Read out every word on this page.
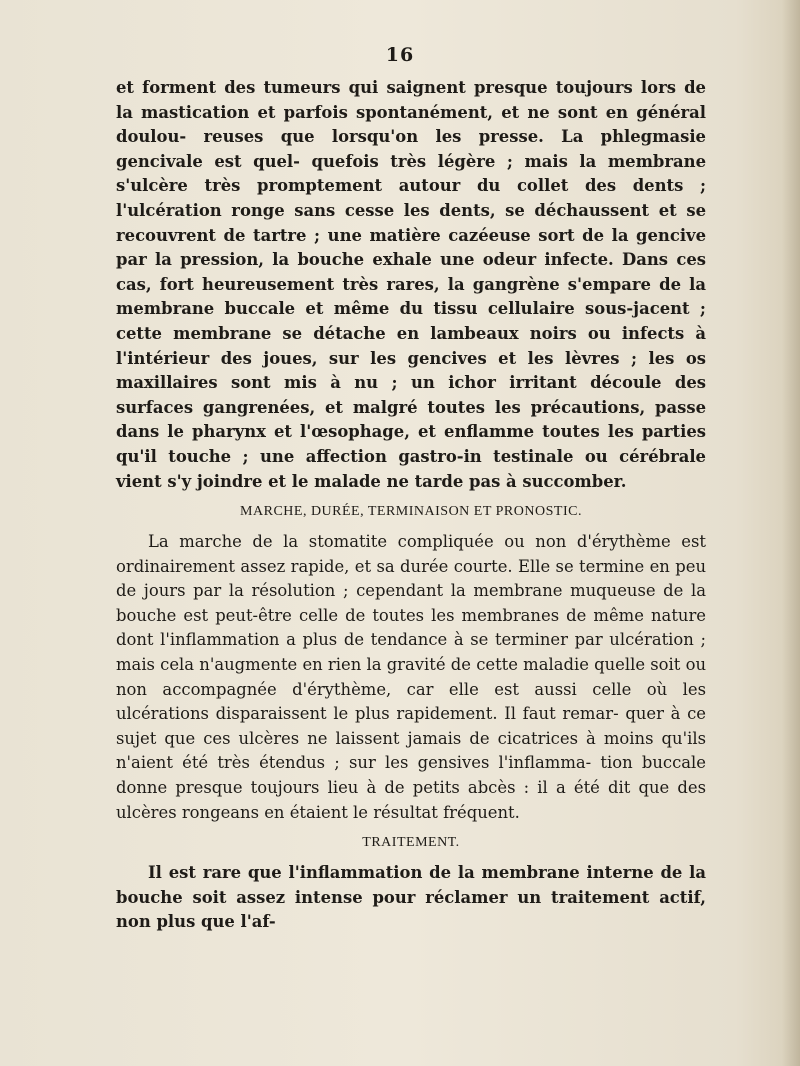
16

et forment des tumeurs qui saignent presque toujours lors de la mastication et parfois spontanément, et ne sont en général doulou- reuses que lorsqu'on les presse. La phlegmasie gencivale est quel- quefois très légère ; mais la membrane s'ulcère très promptement autour du collet des dents ; l'ulcération ronge sans cesse les dents, se déchaussent et se recouvrent de tartre ; une matière cazéeuse sort de la gencive par la pression, la bouche exhale une odeur infecte. Dans ces cas, fort heureusement très rares, la gangrène s'empare de la membrane buccale et même du tissu cellulaire sous-jacent ; cette membrane se détache en lambeaux noirs ou infects à l'intérieur des joues, sur les gencives et les lèvres ; les os maxillaires sont mis à nu ; un ichor irritant découle des surfaces gangrenées, et malgré toutes les précautions, passe dans le pharynx et l'œsophage, et enflamme toutes les parties qu'il touche ; une affection gastro-in testinale ou cérébrale vient s'y joindre et le malade ne tarde pas à succomber.

MARCHE, DURÉE, TERMINAISON ET PRONOSTIC.

La marche de la stomatite compliquée ou non d'érythème est ordinairement assez rapide, et sa durée courte. Elle se termine en peu de jours par la résolution ; cependant la membrane muqueuse de la bouche est peut-être celle de toutes les membranes de même nature dont l'inflammation a plus de tendance à se terminer par ulcération ; mais cela n'augmente en rien la gravité de cette maladie quelle soit ou non accompagnée d'érythème, car elle est aussi celle où les ulcérations disparaissent le plus rapidement. Il faut remar- quer à ce sujet que ces ulcères ne laissent jamais de cicatrices à moins qu'ils n'aient été très étendus ; sur les gensives l'inflamma- tion buccale donne presque toujours lieu à de petits abcès : il a été dit que des ulcères rongeans en étaient le résultat fréquent.

TRAITEMENT.

Il est rare que l'inflammation de la membrane interne de la bouche soit assez intense pour réclamer un traitement actif, non plus que l'af-
